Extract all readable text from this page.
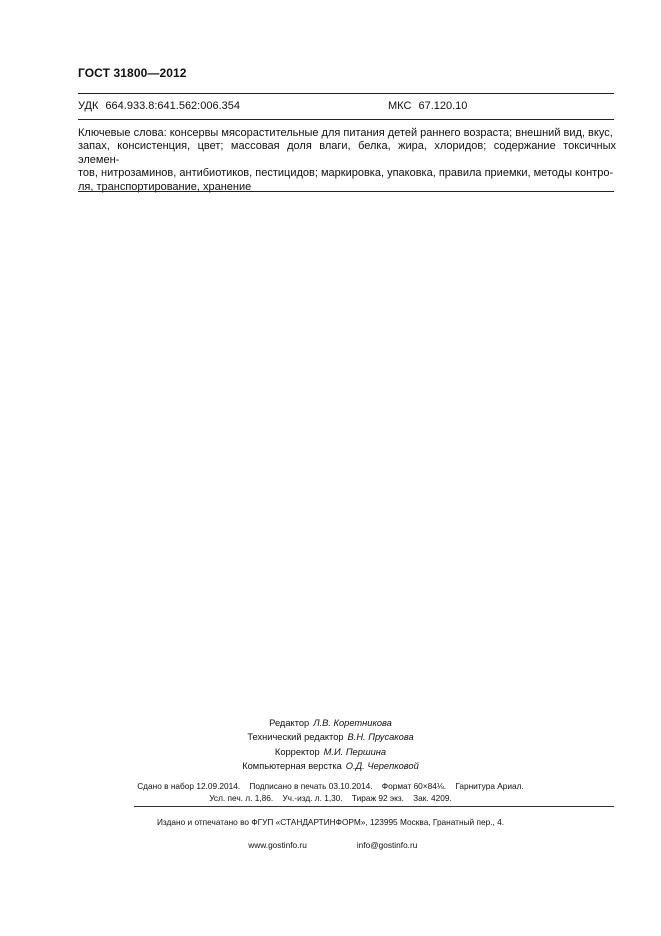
ГОСТ 31800—2012
УДК 664.933.8:641.562:006.354	МКС 67.120.10
Ключевые слова: консервы мясорастительные для питания детей раннего возраста; внешний вид, вкус,
запах, консистенция, цвет; массовая доля влаги, белка, жира, хлоридов; содержание токсичных элемен-
тов, нитрозаминов, антибиотиков, пестицидов; маркировка, упаковка, правила приемки, методы контро-
ля, транспортирование, хранение
Редактор Л.В. Коретникова
Технический редактор В.Н. Прусакова
Корректор М.И. Першина
Компьютерная верстка О.Д. Черепковой
Сдано в набор 12.09.2014.    Подписано в печать 03.10.2014.    Формат 60×84⅛.    Гарнитура Ариал.
Усл. печ. л. 1,86.    Уч.-изд. л. 1,30.    Тираж 92 экз.    Зак. 4209.
Издано и отпечатано во ФГУП «СТАНДАРТИНФОРМ», 123995 Москва, Гранатный пер., 4.

www.gostinfo.ru	info@gostinfo.ru
